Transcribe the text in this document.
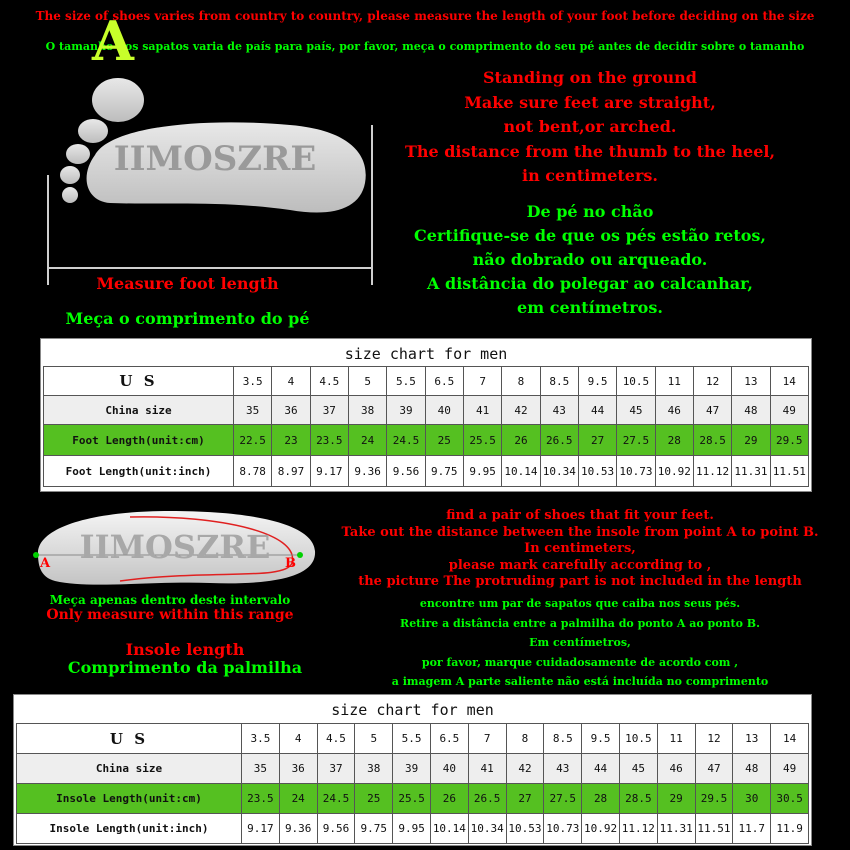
The size of shoes varies from country to country, please measure the length of your foot before deciding on the size
O tamanho dos sapatos varia de país para país, por favor, meça o comprimento do seu pé antes de decidir sobre o tamanho
IIMOSZRE
A
Standing on the ground
Make sure feet are straight,
not bent,or arched.
The distance from the thumb to the heel,
in centimeters.
De pé no chão
Certifique-se de que os pés estão retos,
não dobrado ou arqueado.
A distância do polegar ao calcanhar,
em centímetros.
Measure foot length
Meça o comprimento do pé
size chart for men
U S	3.5	4	4.5	5	5.5	6.5	7	8	8.5	9.5	10.5	11	12	13	14
China size	35	36	37	38	39	40	41	42	43	44	45	46	47	48	49
Foot Length(unit:cm)	22.5	23	23.5	24	24.5	25	25.5	26	26.5	27	27.5	28	28.5	29	29.5
Foot Length(unit:inch)	8.78	8.97	9.17	9.36	9.56	9.75	9.95	10.14	10.34	10.53	10.73	10.92	11.12	11.31	11.51
IIMOSZRE
A	B
Meça apenas dentro deste intervalo
Only measure within this range
Insole length
Comprimento da palmilha
find a pair of shoes that fit your feet.
Take out the distance between the insole from point A to point B.
In centimeters,
please mark carefully according to ,
the picture The protruding part is not included in the length
encontre um par de sapatos que caiba nos seus pés.
Retire a distância entre a palmilha do ponto A ao ponto B.
Em centímetros,
por favor, marque cuidadosamente de acordo com ,
a imagem A parte saliente não está incluída no comprimento
size chart for men
U S	3.5	4	4.5	5	5.5	6.5	7	8	8.5	9.5	10.5	11	12	13	14
China size	35	36	37	38	39	40	41	42	43	44	45	46	47	48	49
Insole Length(unit:cm)	23.5	24	24.5	25	25.5	26	26.5	27	27.5	28	28.5	29	29.5	30	30.5
Insole Length(unit:inch)	9.17	9.36	9.56	9.75	9.95	10.14	10.34	10.53	10.73	10.92	11.12	11.31	11.51	11.7	11.9
